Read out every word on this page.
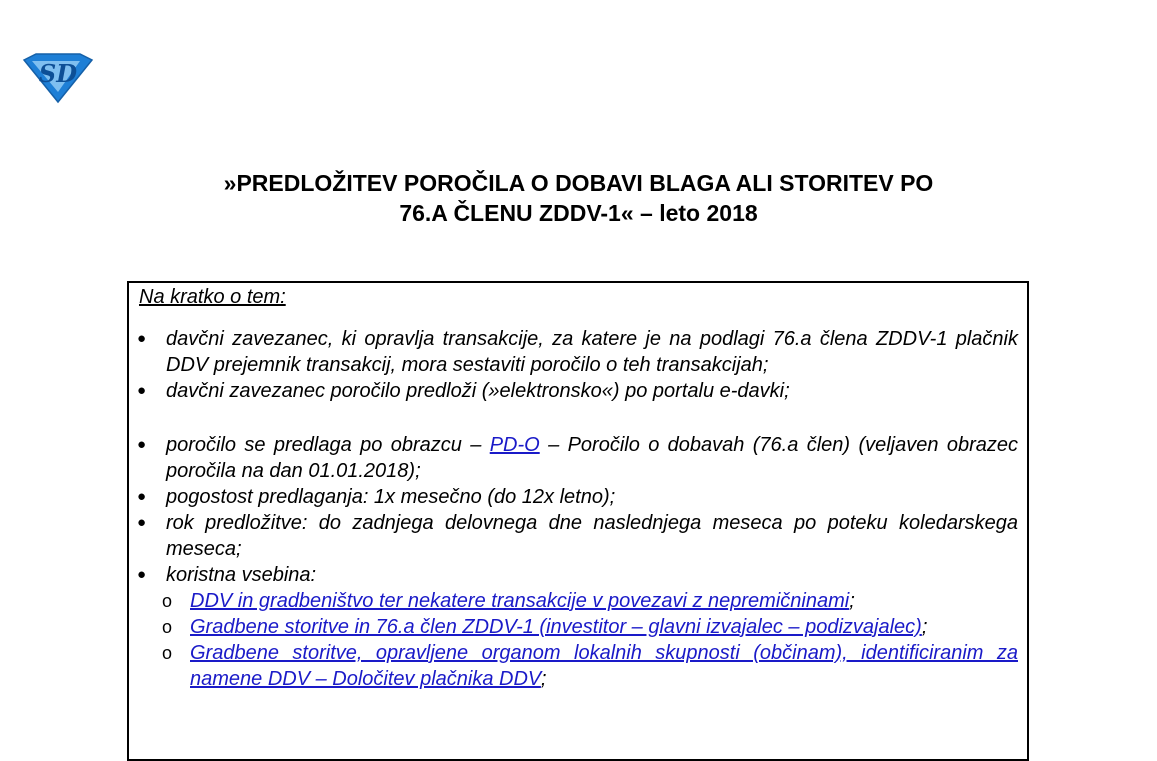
SD
»PREDLOŽITEV POROČILA O DOBAVI BLAGA ALI STORITEV PO
76.A ČLENU ZDDV-1« – leto 2018
Na kratko o tem:
● davčni zavezanec, ki opravlja transakcije, za katere je na podlagi 76.a člena ZDDV-1 plačnik DDV prejemnik transakcij, mora sestaviti poročilo o teh transakcijah;
● davčni zavezanec poročilo predloži (»elektronsko«) po portalu e-davki;
● poročilo se predlaga po obrazcu – PD-O – Poročilo o dobavah (76.a člen) (veljaven obrazec poročila na dan 01.01.2018);
● pogostost predlaganja: 1x mesečno (do 12x letno);
● rok predložitve: do zadnjega delovnega dne naslednjega meseca po poteku koledarskega meseca;
● koristna vsebina:
o DDV in gradbeništvo ter nekatere transakcije v povezavi z nepremičninami;
o Gradbene storitve in 76.a člen ZDDV-1 (investitor – glavni izvajalec – podizvajalec);
o Gradbene storitve, opravljene organom lokalnih skupnosti (občinam), identificiranim za namene DDV – Določitev plačnika DDV;
